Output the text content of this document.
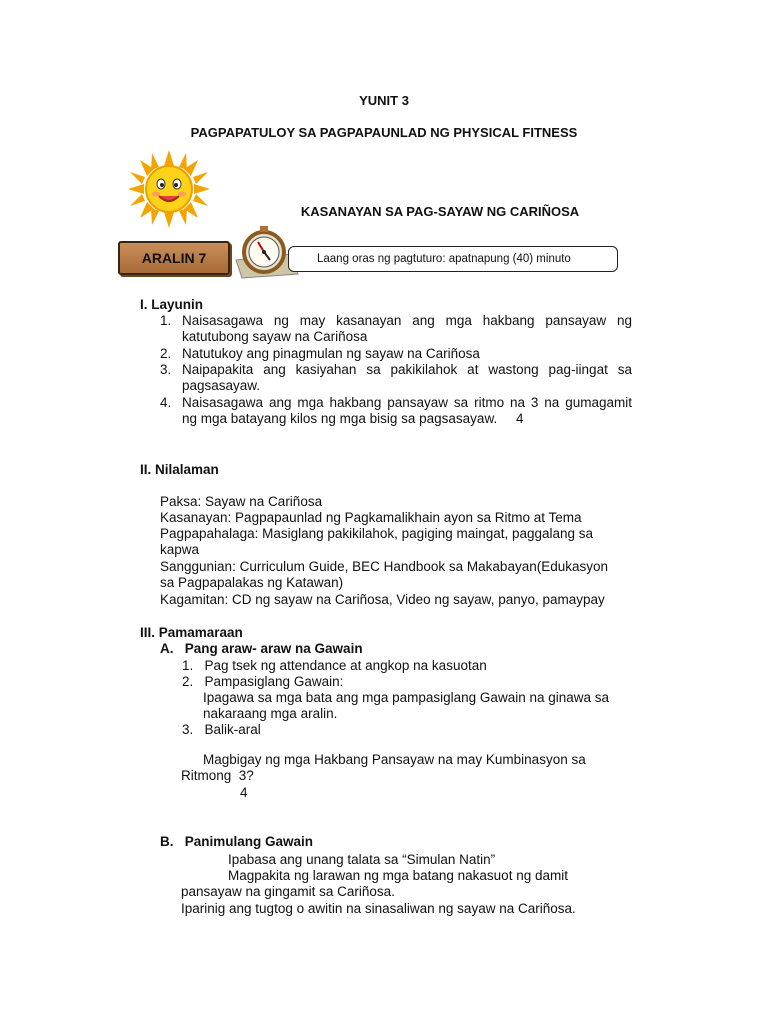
YUNIT 3
PAGPAPATULOY SA PAGPAPAUNLAD NG PHYSICAL FITNESS
KASANAYAN SA PAG-SAYAW NG CARIÑOSA
ARALIN 7	Laang oras ng pagtuturo: apatnapung (40) minuto
I. Layunin
1. Naisasagawa ng may kasanayan ang mga hakbang pansayaw ng
katutubong sayaw na Cariñosa
2. Natutukoy ang pinagmulan ng sayaw na Cariñosa
3. Naipapakita ang kasiyahan sa pakikilahok at wastong pag-iingat sa
pagsasayaw.
4. Naisasagawa ang mga hakbang pansayaw sa ritmo na 3 na gumagamit
ng mga batayang kilos ng mga bisig sa pagsasayaw.     4
II. Nilalaman
Paksa: Sayaw na Cariñosa
Kasanayan: Pagpapaunlad ng Pagkamalikhain ayon sa Ritmo at Tema
Pagpapahalaga: Masiglang pakikilahok, pagiging maingat, paggalang sa
kapwa
Sanggunian: Curriculum Guide, BEC Handbook sa Makabayan(Edukasyon
sa Pagpapalakas ng Katawan)
Kagamitan: CD ng sayaw na Cariñosa, Video ng sayaw, panyo, pamaypay
III. Pamamaraan
A.   Pang araw- araw na Gawain
1.   Pag tsek ng attendance at angkop na kasuotan
2.   Pampasiglang Gawain:
Ipagawa sa mga bata ang mga pampasiglang Gawain na ginawa sa
nakaraang mga aralin.
3.   Balik-aral
Magbigay ng mga Hakbang Pansayaw na may Kumbinasyon sa
Ritmong  3?
4
B.   Panimulang Gawain
Ipabasa ang unang talata sa “Simulan Natin”
Magpakita ng larawan ng mga batang nakasuot ng damit
pansayaw na gingamit sa Cariñosa.
Iparinig ang tugtog o awitin na sinasaliwan ng sayaw na Cariñosa.
